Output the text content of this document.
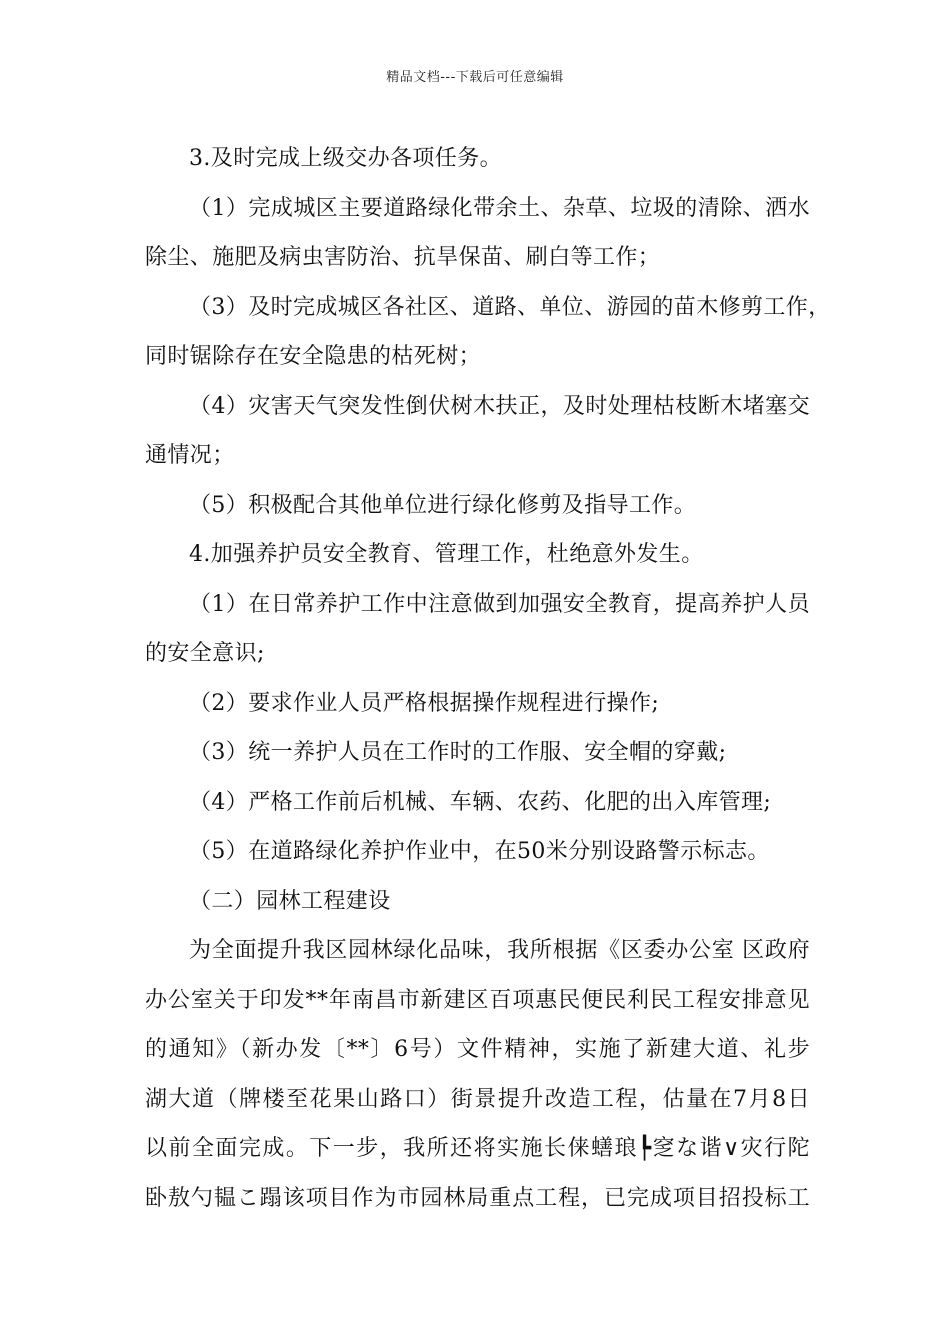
精品文档---下载后可任意编辑
3.及时完成上级交办各项任务。
（1）完成城区主要道路绿化带余土、杂草、垃圾的清除、洒水
除尘、施肥及病虫害防治、抗旱保苗、刷白等工作；
（3）及时完成城区各社区、道路、单位、游园的苗木修剪工作，
同时锯除存在安全隐患的枯死树；
（4）灾害天气突发性倒伏树木扶正，及时处理枯枝断木堵塞交
通情况；
（5）积极配合其他单位进行绿化修剪及指导工作。
4.加强养护员安全教育、管理工作，杜绝意外发生。
（1）在日常养护工作中注意做到加强安全教育，提高养护人员
的安全意识;
（2）要求作业人员严格根据操作规程进行操作;
（3）统一养护人员在工作时的工作服、安全帽的穿戴;
（4）严格工作前后机械、车辆、农药、化肥的出入库管理;
（5）在道路绿化养护作业中，在50米分别设路警示标志。
（二）园林工程建设
为全面提升我区园林绿化品味，我所根据《区委办公室 区政府
办公室关于印发**年南昌市新建区百项惠民便民利民工程安排意见
的通知》（新办发〔**〕6号）文件精神，实施了新建大道、礼步
湖大道（牌楼至花果山路口）街景提升改造工程，估量在7月8日
以前全面完成。下一步，我所还将实施长俫蟮琅┡窆な谐∨灾行陀
卧敖勺韫こ蹋该项目作为市园林局重点工程，已完成项目招投标工
